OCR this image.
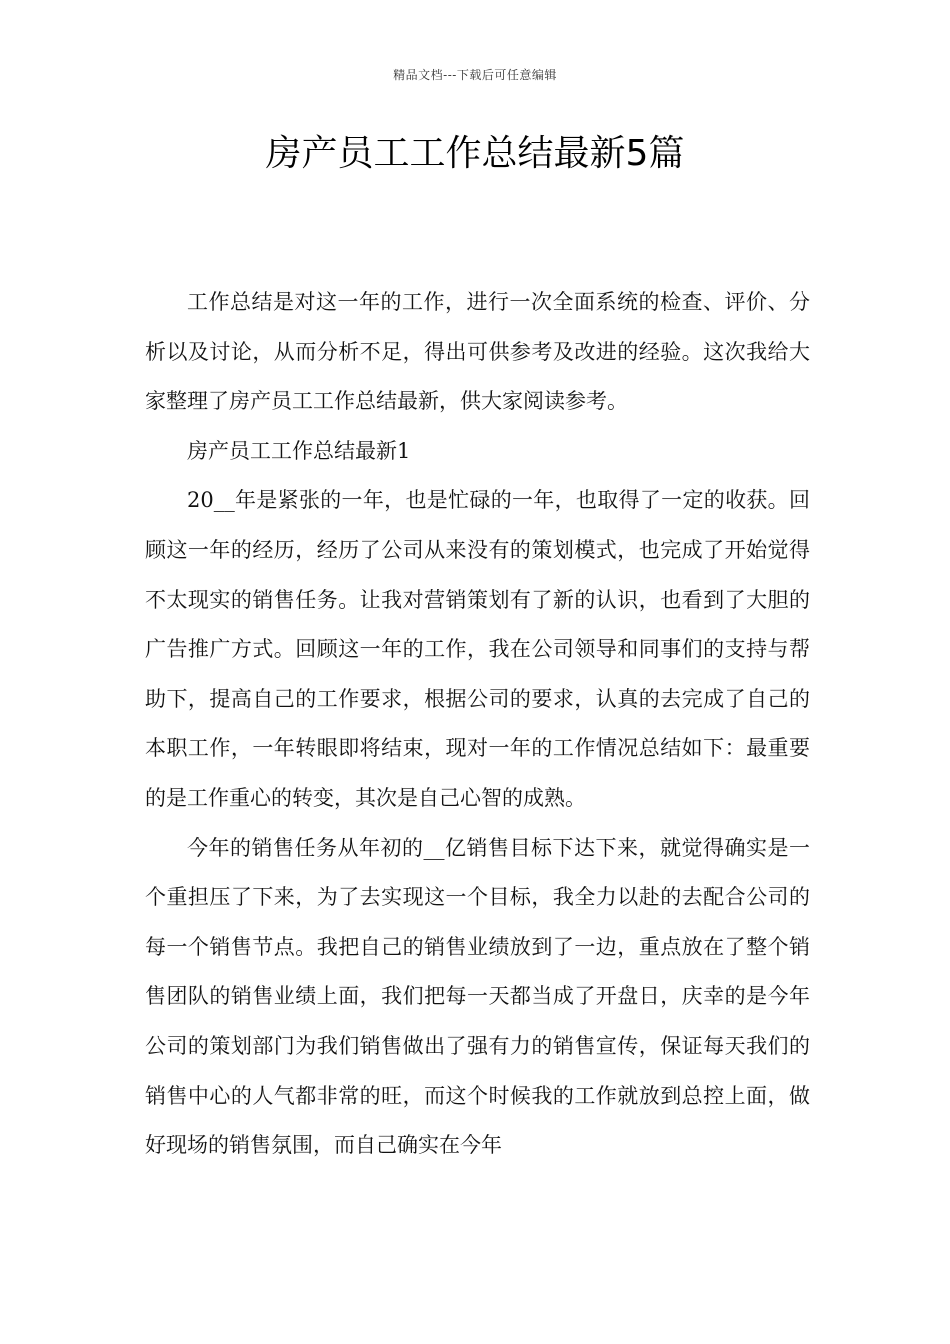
精品文档---下载后可任意编辑
房产员工工作总结最新5篇

工作总结是对这一年的工作，进行一次全面系统的检查、评价、分析以及讨论，从而分析不足，得出可供参考及改进的经验。这次我给大家整理了房产员工工作总结最新，供大家阅读参考。

房产员工工作总结最新1

20__年是紧张的一年，也是忙碌的一年，也取得了一定的收获。回顾这一年的经历，经历了公司从来没有的策划模式，也完成了开始觉得不太现实的销售任务。让我对营销策划有了新的认识，也看到了大胆的广告推广方式。回顾这一年的工作，我在公司领导和同事们的支持与帮助下，提高自己的工作要求，根据公司的要求，认真的去完成了自己的本职工作，一年转眼即将结束，现对一年的工作情况总结如下：最重要的是工作重心的转变，其次是自己心智的成熟。

今年的销售任务从年初的__亿销售目标下达下来，就觉得确实是一个重担压了下来，为了去实现这一个目标，我全力以赴的去配合公司的每一个销售节点。我把自己的销售业绩放到了一边，重点放在了整个销售团队的销售业绩上面，我们把每一天都当成了开盘日，庆幸的是今年公司的策划部门为我们销售做出了强有力的销售宣传，保证每天我们的销售中心的人气都非常的旺，而这个时候我的工作就放到总控上面，做好现场的销售氛围，而自己确实在今年
